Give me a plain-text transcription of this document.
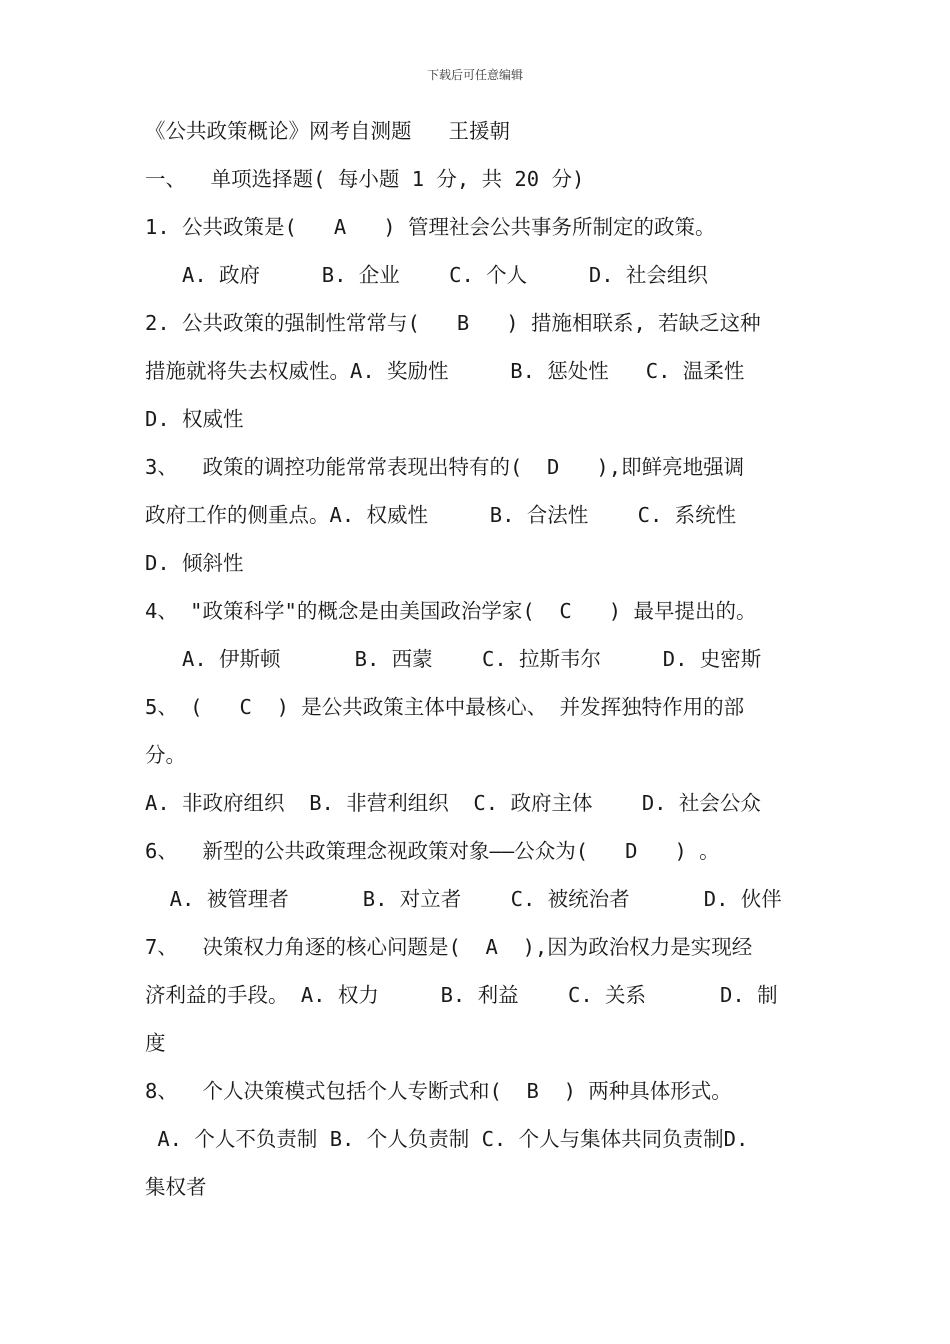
下载后可任意编辑
《公共政策概论》网考自测题   王援朝
一、  单项选择题( 每小题 1 分, 共 20 分)
1. 公共政策是(   A   ) 管理社会公共事务所制定的政策。
A. 政府     B. 企业    C. 个人     D. 社会组织
2. 公共政策的强制性常常与(   B   ) 措施相联系, 若缺乏这种
措施就将失去权威性。A. 奖励性     B. 惩处性   C. 温柔性
D. 权威性
3、  政策的调控功能常常表现出特有的(  D   ),即鲜亮地强调
政府工作的侧重点。A. 权威性     B. 合法性    C. 系统性
D. 倾斜性
4、 "政策科学"的概念是由美国政治学家(  C   ) 最早提出的。
A. 伊斯顿      B. 西蒙    C. 拉斯韦尔     D. 史密斯
5、 (   C  ) 是公共政策主体中最核心、 并发挥独特作用的部
分。
A. 非政府组织  B. 非营利组织  C. 政府主体    D. 社会公众
6、  新型的公共政策理念视政策对象——公众为(   D   ) 。
A. 被管理者      B. 对立者    C. 被统治者      D. 伙伴
7、  决策权力角逐的核心问题是(  A  ),因为政治权力是实现经
济利益的手段。 A. 权力     B. 利益    C. 关系      D. 制
度
8、  个人决策模式包括个人专断式和(  B  ) 两种具体形式。
A. 个人不负责制 B. 个人负责制 C. 个人与集体共同负责制D.
集权者
